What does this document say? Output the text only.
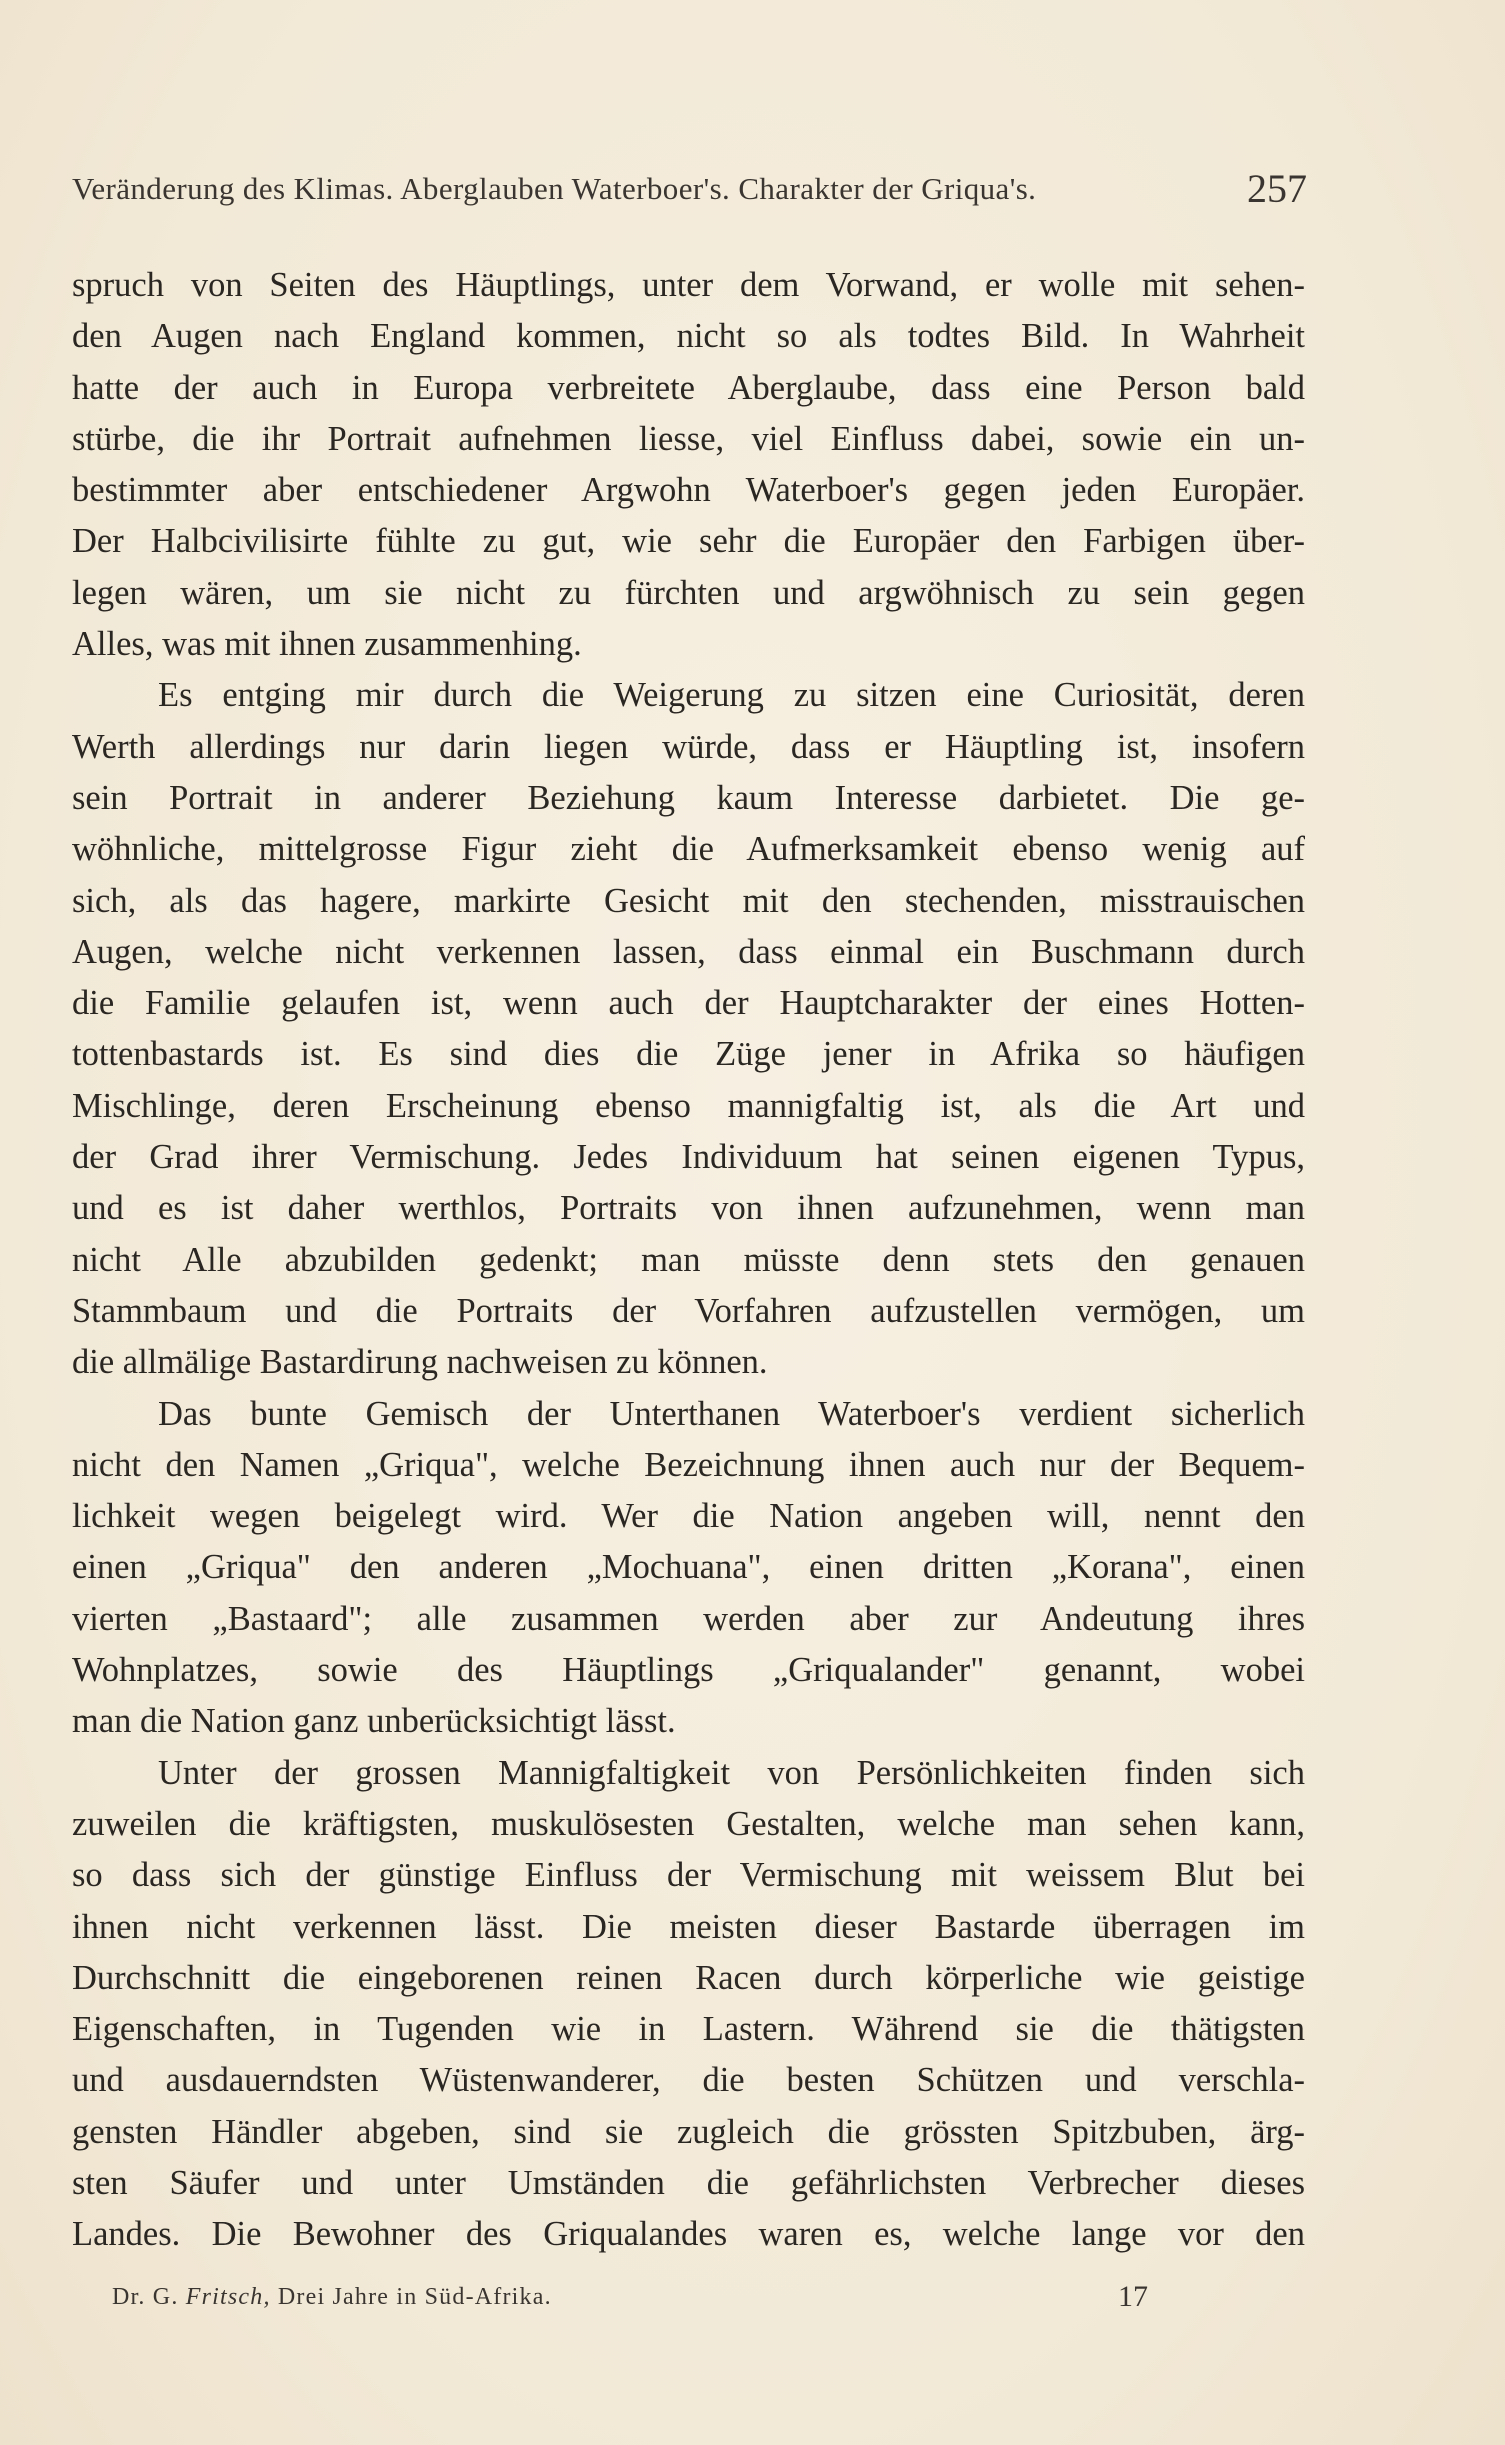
Veränderung des Klimas. Aberglauben Waterboer's. Charakter der Griqua's.	257
spruch von Seiten des Häuptlings, unter dem Vorwand, er wolle mit sehen-
den Augen nach England kommen, nicht so als todtes Bild. In Wahrheit
hatte der auch in Europa verbreitete Aberglaube, dass eine Person bald
stürbe, die ihr Portrait aufnehmen liesse, viel Einfluss dabei, sowie ein un-
bestimmter aber entschiedener Argwohn Waterboer's gegen jeden Europäer.
Der Halbcivilisirte fühlte zu gut, wie sehr die Europäer den Farbigen über-
legen wären, um sie nicht zu fürchten und argwöhnisch zu sein gegen
Alles, was mit ihnen zusammenhing.
Es entging mir durch die Weigerung zu sitzen eine Curiosität, deren
Werth allerdings nur darin liegen würde, dass er Häuptling ist, insofern
sein Portrait in anderer Beziehung kaum Interesse darbietet. Die ge-
wöhnliche, mittelgrosse Figur zieht die Aufmerksamkeit ebenso wenig auf
sich, als das hagere, markirte Gesicht mit den stechenden, misstrauischen
Augen, welche nicht verkennen lassen, dass einmal ein Buschmann durch
die Familie gelaufen ist, wenn auch der Hauptcharakter der eines Hotten-
tottenbastards ist. Es sind dies die Züge jener in Afrika so häufigen
Mischlinge, deren Erscheinung ebenso mannigfaltig ist, als die Art und
der Grad ihrer Vermischung. Jedes Individuum hat seinen eigenen Typus,
und es ist daher werthlos, Portraits von ihnen aufzunehmen, wenn man
nicht Alle abzubilden gedenkt; man müsste denn stets den genauen
Stammbaum und die Portraits der Vorfahren aufzustellen vermögen, um
die allmälige Bastardirung nachweisen zu können.
Das bunte Gemisch der Unterthanen Waterboer's verdient sicherlich
nicht den Namen „Griqua", welche Bezeichnung ihnen auch nur der Bequem-
lichkeit wegen beigelegt wird. Wer die Nation angeben will, nennt den
einen „Griqua" den anderen „Mochuana", einen dritten „Korana", einen
vierten „Bastaard"; alle zusammen werden aber zur Andeutung ihres
Wohnplatzes, sowie des Häuptlings „Griqualander" genannt, wobei
man die Nation ganz unberücksichtigt lässt.
Unter der grossen Mannigfaltigkeit von Persönlichkeiten finden sich
zuweilen die kräftigsten, muskulösesten Gestalten, welche man sehen kann,
so dass sich der günstige Einfluss der Vermischung mit weissem Blut bei
ihnen nicht verkennen lässt. Die meisten dieser Bastarde überragen im
Durchschnitt die eingeborenen reinen Racen durch körperliche wie geistige
Eigenschaften, in Tugenden wie in Lastern. Während sie die thätigsten
und ausdauerndsten Wüstenwanderer, die besten Schützen und verschla-
gensten Händler abgeben, sind sie zugleich die grössten Spitzbuben, ärg-
sten Säufer und unter Umständen die gefährlichsten Verbrecher dieses
Landes. Die Bewohner des Griqualandes waren es, welche lange vor den
Dr. G. Fritsch, Drei Jahre in Süd-Afrika.	17
